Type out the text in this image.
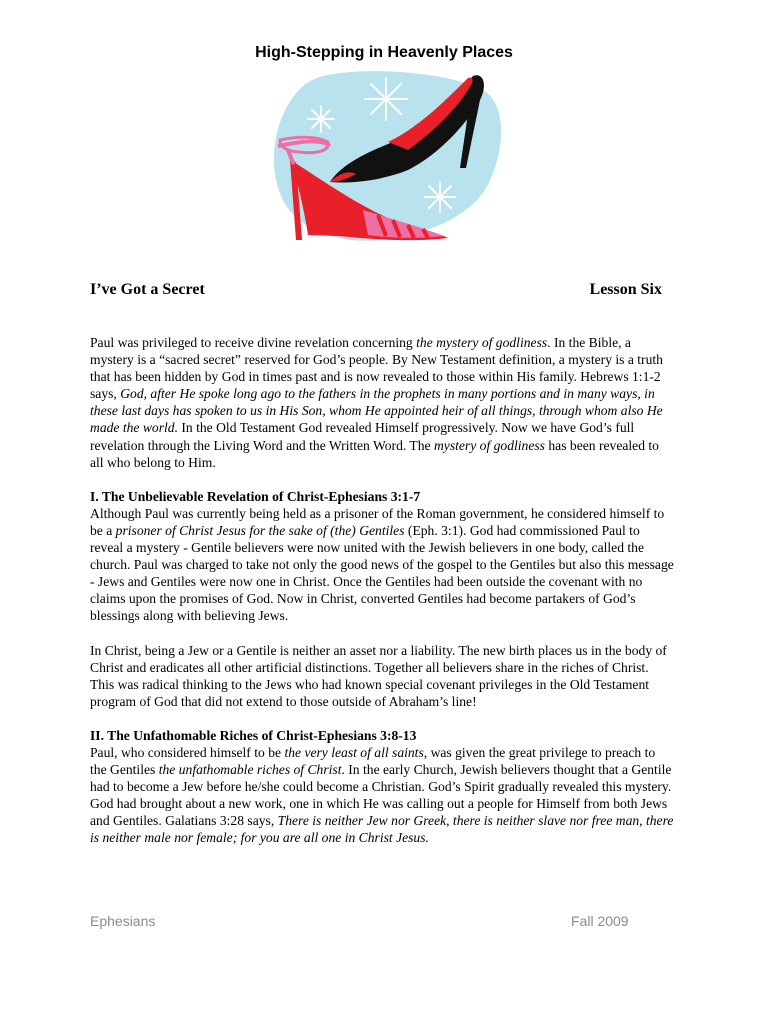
High-Stepping in Heavenly Places
I’ve Got a Secret	Lesson Six

Paul was privileged to receive divine revelation concerning the mystery of godliness. In the Bible, a mystery is a “sacred secret” reserved for God’s people. By New Testament definition, a mystery is a truth that has been hidden by God in times past and is now revealed to those within His family. Hebrews 1:1-2 says, God, after He spoke long ago to the fathers in the prophets in many portions and in many ways, in these last days has spoken to us in His Son, whom He appointed heir of all things, through whom also He made the world. In the Old Testament God revealed Himself progressively. Now we have God’s full revelation through the Living Word and the Written Word. The mystery of godliness has been revealed to all who belong to Him.

I. The Unbelievable Revelation of Christ-Ephesians 3:1-7

Although Paul was currently being held as a prisoner of the Roman government, he considered himself to be a prisoner of Christ Jesus for the sake of (the) Gentiles (Eph. 3:1). God had commissioned Paul to reveal a mystery - Gentile believers were now united with the Jewish believers in one body, called the church. Paul was charged to take not only the good news of the gospel to the Gentiles but also this message - Jews and Gentiles were now one in Christ. Once the Gentiles had been outside the covenant with no claims upon the promises of God. Now in Christ, converted Gentiles had become partakers of God’s blessings along with believing Jews.

In Christ, being a Jew or a Gentile is neither an asset nor a liability. The new birth places us in the body of Christ and eradicates all other artificial distinctions. Together all believers share in the riches of Christ. This was radical thinking to the Jews who had known special covenant privileges in the Old Testament program of God that did not extend to those outside of Abraham’s line!

II. The Unfathomable Riches of Christ-Ephesians 3:8-13

Paul, who considered himself to be the very least of all saints, was given the great privilege to preach to the Gentiles the unfathomable riches of Christ. In the early Church, Jewish believers thought that a Gentile had to become a Jew before he/she could become a Christian. God’s Spirit gradually revealed this mystery. God had brought about a new work, one in which He was calling out a people for Himself from both Jews and Gentiles. Galatians 3:28 says, There is neither Jew nor Greek, there is neither slave nor free man, there is neither male nor female; for you are all one in Christ Jesus.

Ephesians	Fall 2009
